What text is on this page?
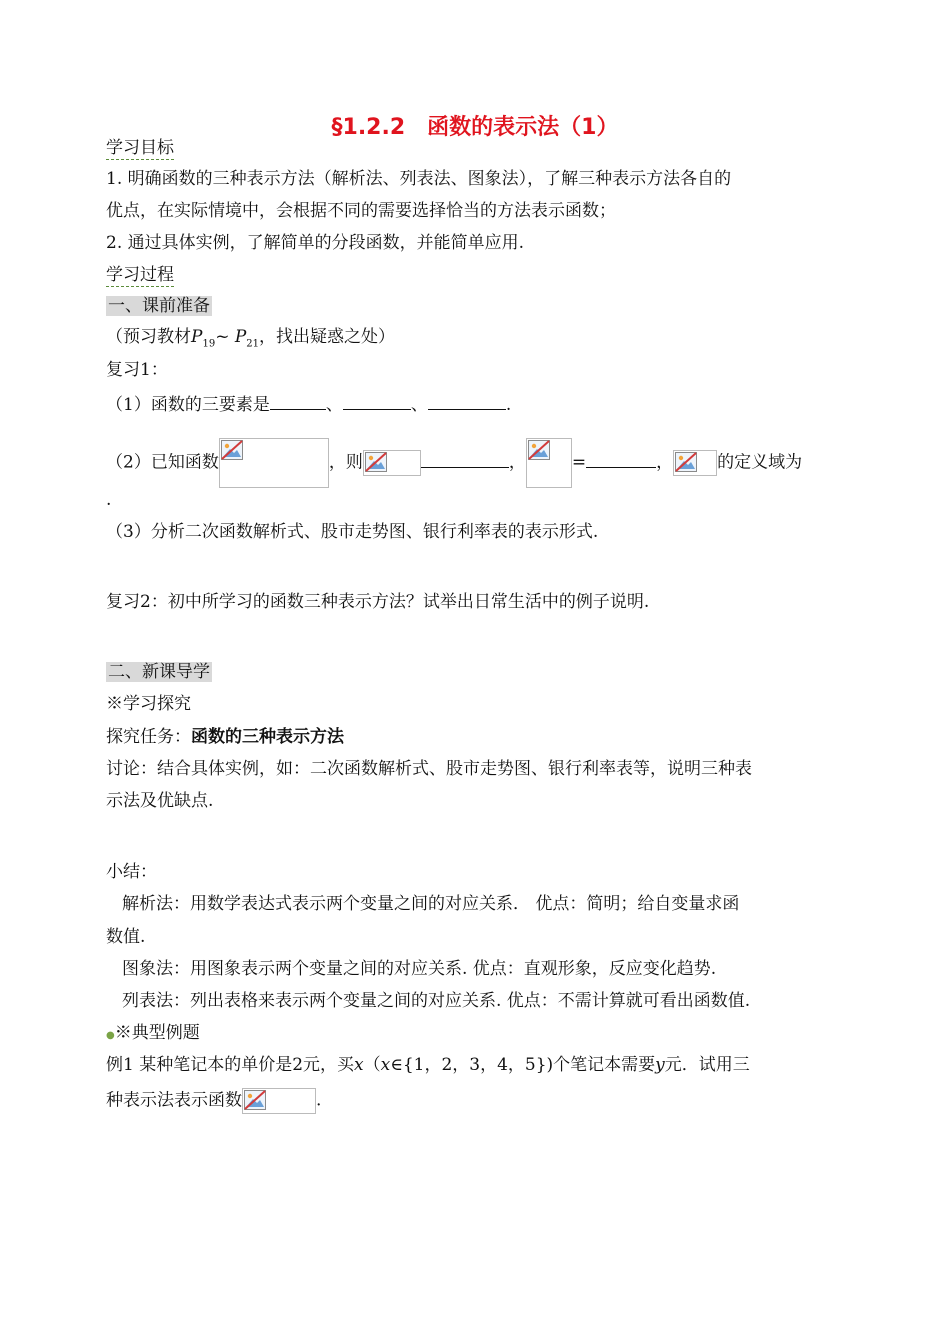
§1.2.2　函数的表示法（1）
学习目标
1. 明确函数的三种表示方法（解析法、列表法、图象法），了解三种表示方法各自的
优点，在实际情境中，会根据不同的需要选择恰当的方法表示函数；
2. 通过具体实例，了解简单的分段函数，并能简单应用.
学习过程
一、课前准备
（预习教材$P_{19}\sim$ $P_{21}$，找出疑惑之处）
复习1：
（1）函数的三要素是	、	、	.
（2）已知函数	，则	，	=	，	的定义域为
.
（3）分析二次函数解析式、股市走势图、银行利率表的表示形式.
复习2：初中所学习的函数三种表示方法？试举出日常生活中的例子说明.
二、新课导学
※学习探究
探究任务：函数的三种表示方法
讨论：结合具体实例，如：二次函数解析式、股市走势图、银行利率表等，说明三种表
示法及优缺点.
小结：
解析法：用数学表达式表示两个变量之间的对应关系． 优点：简明；给自变量求函
数值.
图象法：用图象表示两个变量之间的对应关系. 优点：直观形象，反应变化趋势.
列表法：列出表格来表示两个变量之间的对应关系. 优点：不需计算就可看出函数值.
●※典型例题
例1 某种笔记本的单价是2元，买x（x∈{1，2，3，4，5})个笔记本需要y元．试用三
种表示法表示函数	.
